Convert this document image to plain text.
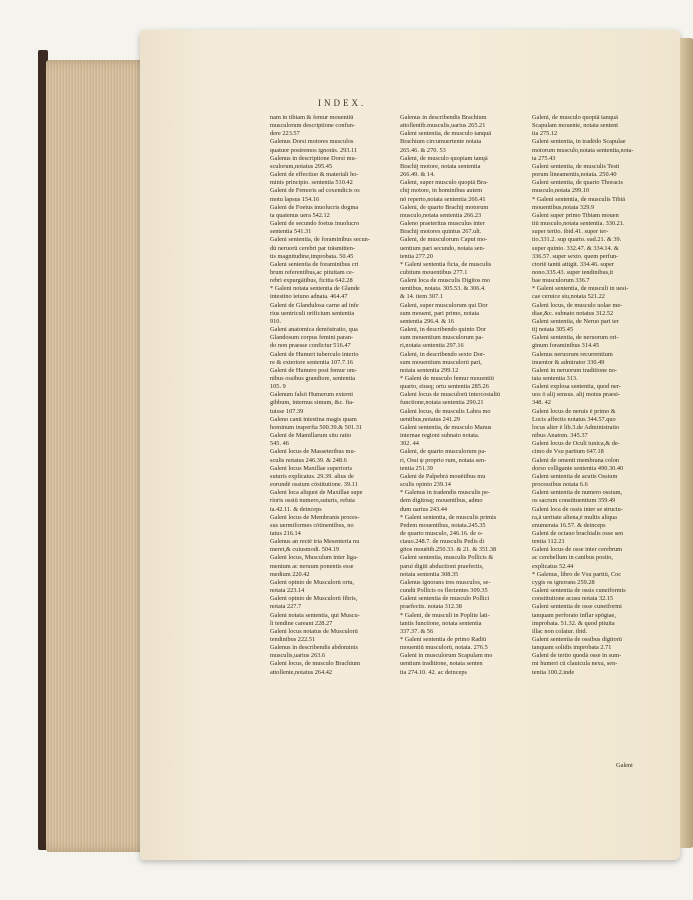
INDEX.
nam in tibiam & femur mouentiū
musculorum descriptione confun-
dere 223.57
Galenus Dorsi motores musculos
quatuor postremos ignorās. 293.11
Galenus in descriptione Dorsi mu-
sculorum,notatus 295.45
Galeni de effectiuo & materiali ho-
minis principio. sententia 510.42
Galeni de Femoris ad coxendicis os
motu lapsus 154.16
Galeni de Foetus inuolucris dogma
ta quatenus uera 542.12
Galeni de secundo foetus inuolucro
sententia 541.31
Galeni sententia, de foraminibus secun-
dū neruorū cerebri par trāsmitten-
tis magnitudine,improbata. 50.45
Galeni sententia de foraminibus cri
brum referentibus,ac pituitam ce-
rebri expurgātibus, ficitta 642.28
* Galeni notata sententia de Glande
intestino ieiuno adnata. 464.47
Galeni de Glandulosa carne ad infe
rius uentriculi orificium sententia
910.
Galeni anatomica demōstratio, qua
Glandosum corpus femini paran-
do non praesse confictur 516.47
Galeni de Humeri tuberculo interio
re & exteriore sententia 107.7.16
Galeni de Humero post femur om-
nibus ossibus grandiore, sententia
105. 9
Galenum falsō Humerum externi
gibbum, internus simum, &c. fta-
tuisse 107.39
Galeno canū intestina magis quam
hominum insperfta 500.39.& 501.31
Galeni de Mamillarum situ ratio
545. 46
Galeni locus de Masseteribus mu-
sculis notatus 246.39. & 248.6
Galeni locus Maxillae superioris
suturis explicatus. 29.39. alius de
eorundē ossium cōstitutione. 39.11
Galeni loca aliquot de Maxillae supe
rioris ossiū numero,suturis, refuta
ta.42.11. & deinceps
Galeni locus de Membranis proces-
sus uermiformes cōtinentibus, no
tatus 216.14
Galenus an rectē tria Mesenteria nu
meret,& cuiusmodi. 504.19
Galeni locus, Musculum inter liga-
mentum ac neruum ponentis esse
medium 220.42
Galeni opinio de Musculorū ortu,
notata 223.14
Galeni opinio de Musculorū fibris,
notata 227.7
Galeni notata sententia, qui Muscu-
li tendine careant 228.27
Galeni locus notatus de Musculorū
tendinibus 222.51
Galenus in describendis abdominis
musculis,uarius 263.6
Galeni locus, de musculo Brachium
attollente,notatus 264.42
Galenus in describendis Brachium
attollentib.musculis,uarius 265.21
Galeni sententia, de musculo tanquā
Brachium circumuertente notata
265.46. & 270. 53
Galeni, de musculo quopiam tanqā
Brachij motore, notata sententia
266.49. & 14.
Galeni, super musculo quopiā Bra-
chij motore, in hominibus autem
nō reperto,notata sententia 266.41
Galeni, de quarto Brachij motorum
musculo,notata sententia 266.23
Galeno praeteritus musculus inter
Brachij motores quintus 267.ult.
Galeni, de musculorum Caput mo-
uentium pari secundo, notata sen-
tentia 277.20
* Galeni sententia ficta, de musculis
cubitum mouentibus 277.1
Galeni loca de musculis Digitos mo
uentibus, notata. 305.53. & 306.4.
& 14. item 307.1
Galeni, super musculorum qui Dor
sum mouent, pari primo, notata
sententia 296.4. & 16
Galeni, in describendo quinto Dor
sum mouentium musculorum pa-
ri,notata sententia 297.16
Galeni, in describendo sexto Dor-
sum mouentium musculorū pari,
notata sententia 299.12
* Galeni de musculo femur mouentiū
quarto, eiusq; ortu sententia 285.26
Galeni locus de musculorū intercostaliū
functione,notata sententia 290.21
Galeni locus, de musculis Labra mo
uentibus,notatus 241.29
Galeni sententia, de musculo Manus
internae regioni subnato notata.
302. 44
Galeni, de quarto musculorum pa-
ri, Ossi ψ proprio rum, notata sen-
tentia 251.39
Galeni de Palpebrā mouētibus mu
sculis opinio 239.14
* Galenus in tradendis musculis pe-
dem digitosq; mouentibus, admo
dum uarius 243.44
* Galeni sententia, de musculis primis
Pedem mouentibus, notata.245.35
de quarto musculo, 246.16. de o-
ctauo.248.7. de musculis Pedis di
gitos mouētib.250.33. & 21. & 351.38
Galeni sententia, musculis Pollicis &
parui digiti abductioni praefectis,
notata sententia 308.35
Galenus ignorans tres musculos, se-
cundū Pollicis os flectentes 309.35
Galeni sententia de musculo Pollici
praefectis. notata 312.38
* Galeni, de musculi in Poplite lati-
tantis functione, notata sententia
337.37. & 56
* Galeni sententia de primo Radiū
mouentiū musculorū, notata. 276.5
Galeni in musculorum Scapulam mo
uentium traditione, notata senten
tia 274.10. 42. ac deinceps
Galeni, de musculo quopiā tanquā
Scapulam mouente, notata sentent
tia 275.12
Galeni sententia, in tradēdo Scapulae
motorum musculo,notata sententia,nota-
ta 275.43
Galeni sententia, de musculis Testi
porum lineamentis,notata. 250.40
Galeni sententia, de quarto Thoracis
musculo,notata 299.10
* Galeni sententia, de musculis Tibiā
mouentibus,notata 329.9
Galeni super primo Tibiam mouen
tiū musculo,notata sententia. 330.21.
super tertio. ibid.41. super ter-
tio.331.2. sup quarto. ead.21. & 39.
super quinto. 332.47. & 334.14. &
336.57. super sexto. quem perfun-
ctoriē tantū attigit. 334.46. super
nono.335.43. super tendinibus,it
bae musculorum 336.7
* Galeni sententia, de musculi in uesi-
cae ceruice siu,notata 521.22
Galeni locus, de musculo uolae me-
diae,&c. subnato notatus 312.52
Galeni sententia, de Neruo pari ter
tij notata 305.45
Galeni sententia, de neruorum ori-
ginum foraminibus 314.45
Galenus neruorum recurrentium
inuentor & admirator 330.49
Galeni in neruorum traditione no-
tata sententia 313.
Galeni explosa sententia, quod ner-
uos ō alij sensus. alij motus praesi-
348. 42
Galeni locus de neruis ē primo &
Locis affectis notatus 344.57.quo
locus alter ē lib.3.de Administratio
nibus Anatom. 345.37
Galeni locus de Oculi tunica,& de-
cimo de Vsu partium 647.18
Galeni de omenti membrana colon
dorso colligante sententia 490.30.40
Galeni sententia de acutis Ossium
processibus notata 6.6
Galeni sententia de numero ossium,
os sacrum constituentium 359.49
Galeni loca de ossis inter se structu-
ra,ā ueritate aliena,ē multis aliqua
enumerata 16.57. & deinceps
Galeni de octauo brachialis osse sen
tentia 112.21
Galeni locus de osse inter cerebrum
ac cerebellum in canibus posito,
explicatus 52.44
* Galenus, libro de Vsu partiū, Coc
cygis os ignorans 259.28
Galeni sententia de ossis cuneiformis
constitutione acusu notata 32.15
Galeni sententia de osse cuneiformi
tanquam perforato inflar spōgiae,
improbata. 51.32. & quod pituita
illac non colatur. ibid.
Galeni sententia de ossibus digitorū
tanquam solidis improbata 2.71
Galeni de tertio quodā osse in sum-
mi humeri cū clauicula nexu, sen-
tentia 100.2.inde
Galeni
